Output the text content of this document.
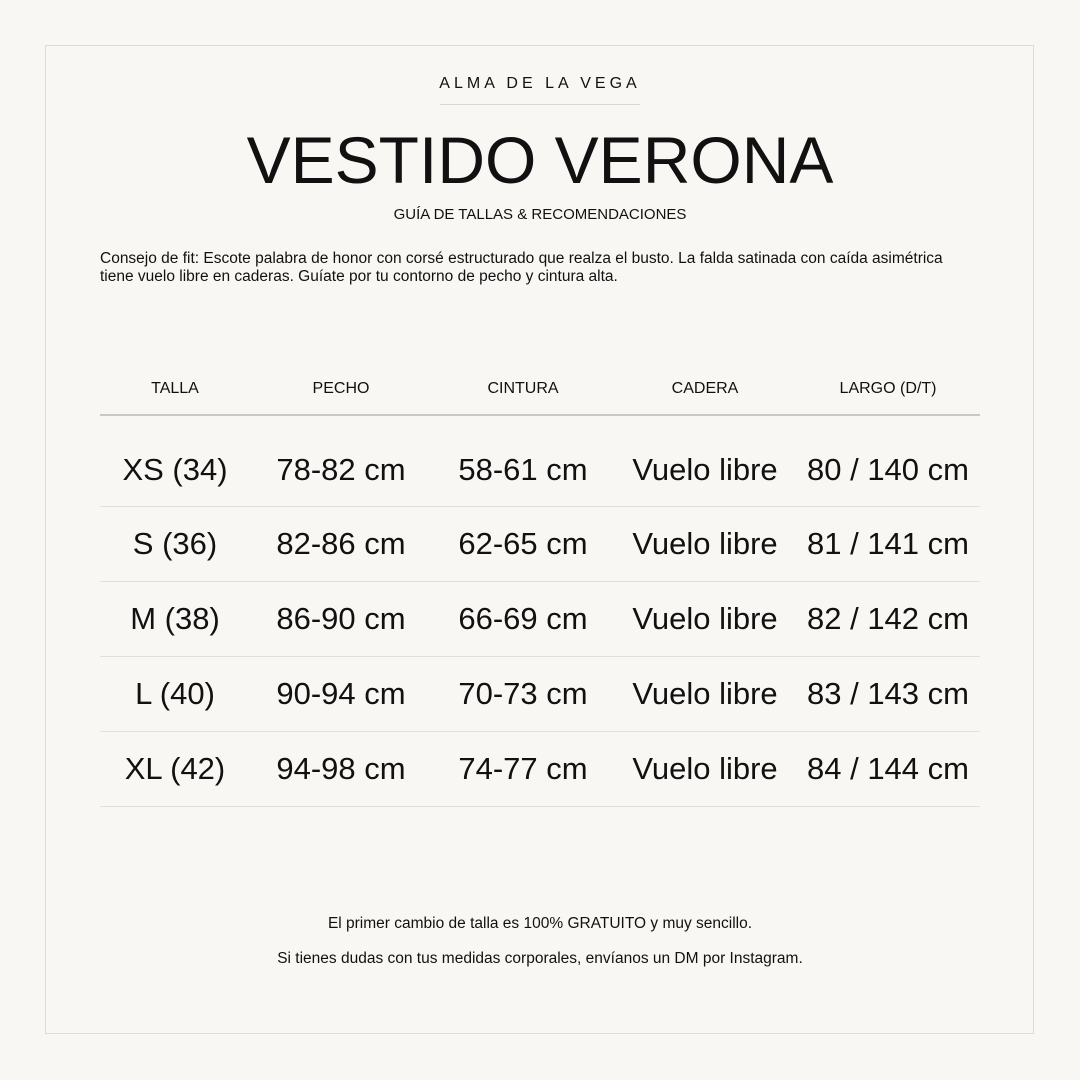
ALMA DE LA VEGA
VESTIDO VERONA
GUÍA DE TALLAS & RECOMENDACIONES
Consejo de fit: Escote palabra de honor con corsé estructurado que realza el busto. La falda satinada con caída asimétrica
tiene vuelo libre en caderas. Guíate por tu contorno de pecho y cintura alta.
TALLA	PECHO	CINTURA	CADERA	LARGO (D/T)
XS (34)	78-82 cm	58-61 cm	Vuelo libre	80 / 140 cm
S (36)	82-86 cm	62-65 cm	Vuelo libre	81 / 141 cm
M (38)	86-90 cm	66-69 cm	Vuelo libre	82 / 142 cm
L (40)	90-94 cm	70-73 cm	Vuelo libre	83 / 143 cm
XL (42)	94-98 cm	74-77 cm	Vuelo libre	84 / 144 cm
El primer cambio de talla es 100% GRATUITO y muy sencillo.
Si tienes dudas con tus medidas corporales, envíanos un DM por Instagram.
